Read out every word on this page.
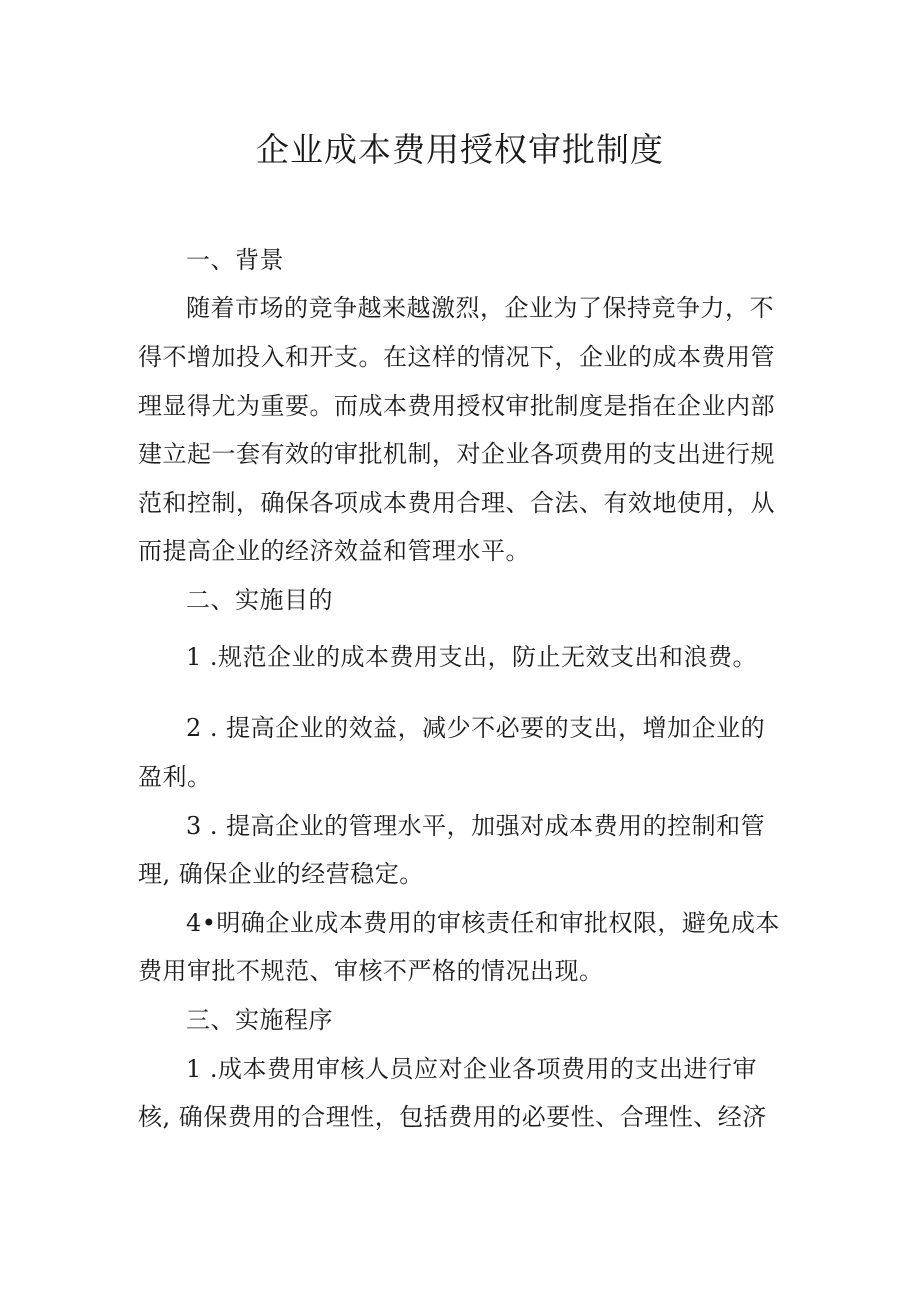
企业成本费用授权审批制度
一、背景
随着市场的竞争越来越激烈，企业为了保持竞争力，不
得不增加投入和开支。在这样的情况下，企业的成本费用管
理显得尤为重要。而成本费用授权审批制度是指在企业内部
建立起一套有效的审批机制，对企业各项费用的支出进行规
范和控制，确保各项成本费用合理、合法、有效地使用，从
而提高企业的经济效益和管理水平。
二、实施目的
1 .规范企业的成本费用支出，防止无效支出和浪费。
2 . 提高企业的效益，减少不必要的支出，增加企业的
盈利。
3 . 提高企业的管理水平，加强对成本费用的控制和管
理, 确保企业的经营稳定。
4•明确企业成本费用的审核责任和审批权限，避免成本
费用审批不规范、审核不严格的情况出现。
三、实施程序
1 .成本费用审核人员应对企业各项费用的支出进行审
核, 确保费用的合理性，包括费用的必要性、合理性、经济
